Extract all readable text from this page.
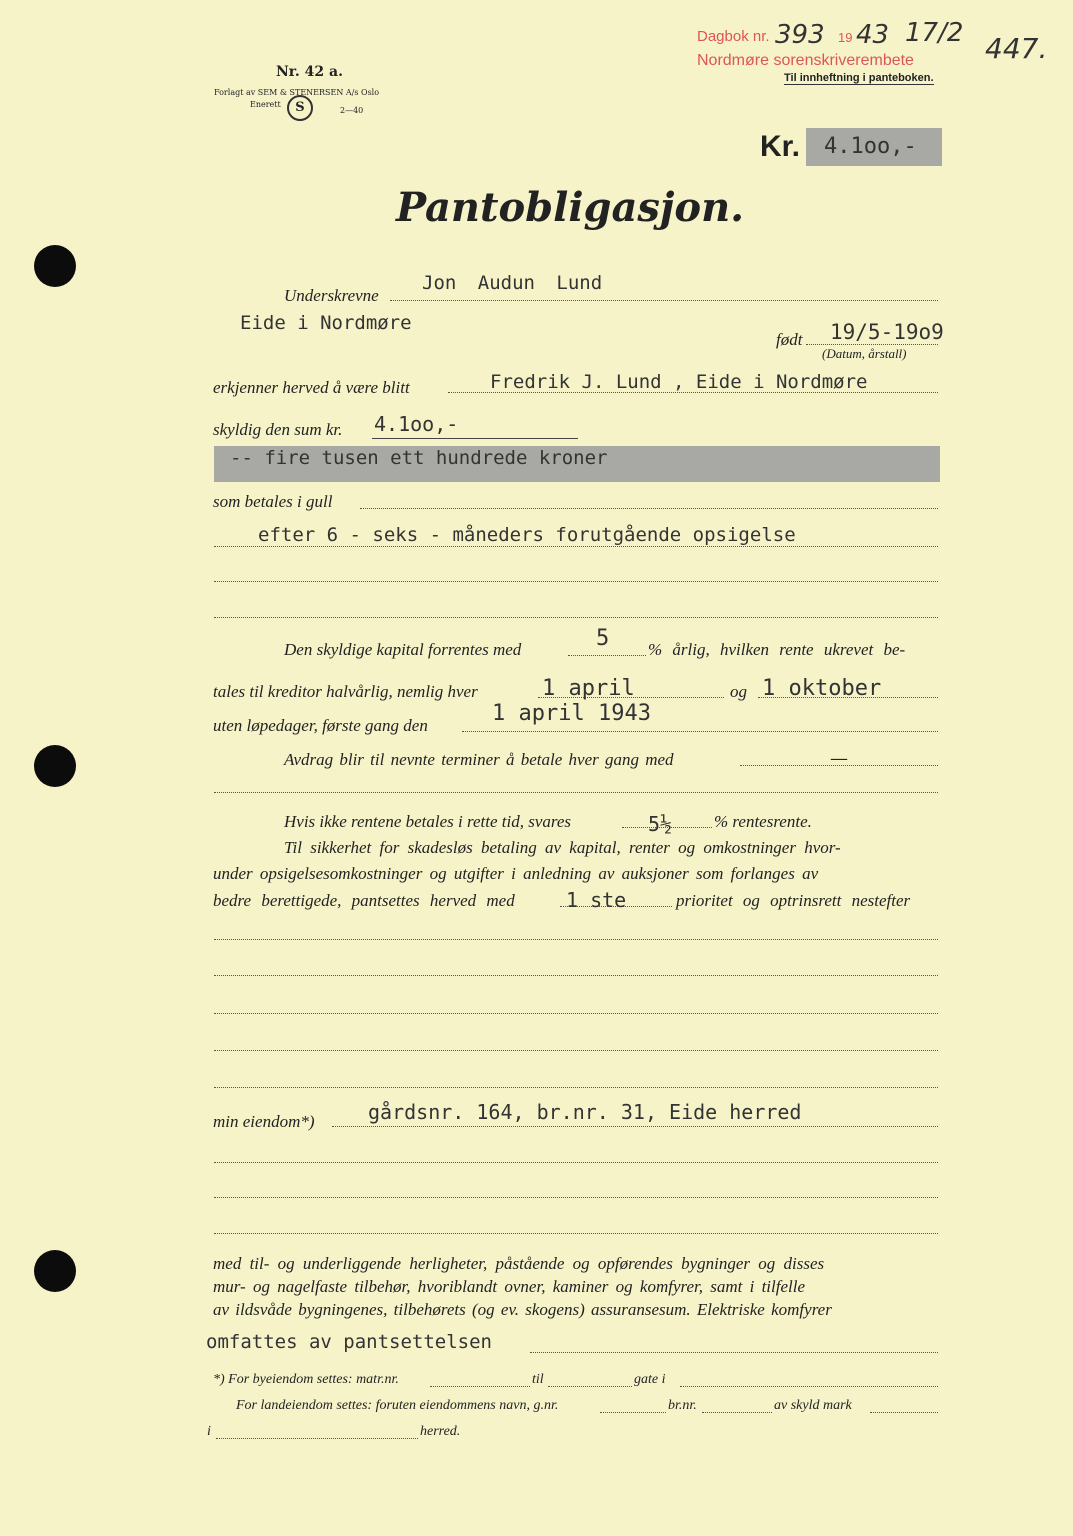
Nr. 42 a.
Forlagt av SEM & STENERSEN A/s Oslo
Enerett	S	2—40
Dagbok nr. 393 19 43 17/2 447.
Nordmøre sorenskriverembete
Til innheftning i panteboken.
Kr. 4.1oo,-
Pantobligasjon.
Underskrevne
Jon Audun Lund
Eide i Nordmøre
født 19/5-19o9
(Datum, årstall)
erkjenner herved å være blitt	Fredrik J. Lund , Eide i Nordmøre
skyldig den sum kr. 4.1oo,-
-- fire tusen ett hundrede kroner
som betales i gull
efter 6 - seks - måneders forutgående opsigelse
Den skyldige kapital forrentes med	5 % årlig, hvilken rente ukrevet be-
tales til kreditor halvårlig, nemlig hver	1 april	og 1 oktober
uten løpedager, første gang den	1 april 1943
Avdrag blir til nevnte terminer å betale hver gang med	—
Hvis ikke rentene betales i rette tid, svares	5½ % rentesrente.
Til sikkerhet for skadesløs betaling av kapital, renter og omkostninger hvor-
under opsigelsesomkostninger og utgifter i anledning av auksjoner som forlanges av
bedre berettigede, pantsettes herved med	1 ste	prioritet og optrinsrett nestefter
min eiendom*)	gårdsnr. 164, br.nr. 31, Eide herred
med til- og underliggende herligheter, påstående og opførendes bygninger og disses
mur- og nagelfaste tilbehør, hvoriblandt ovner, kaminer og komfyrer, samt i tilfelle
av ildsvåde bygningenes, tilbehørets (og ev. skogens) assuransesum. Elektriske komfyrer
omfattes av pantsettelsen
*) For byeiendom settes: matr.nr.	til	gate i
For landeiendom settes: foruten eiendommens navn, g.nr.	br.nr.	av skyld mark
i	herred.
